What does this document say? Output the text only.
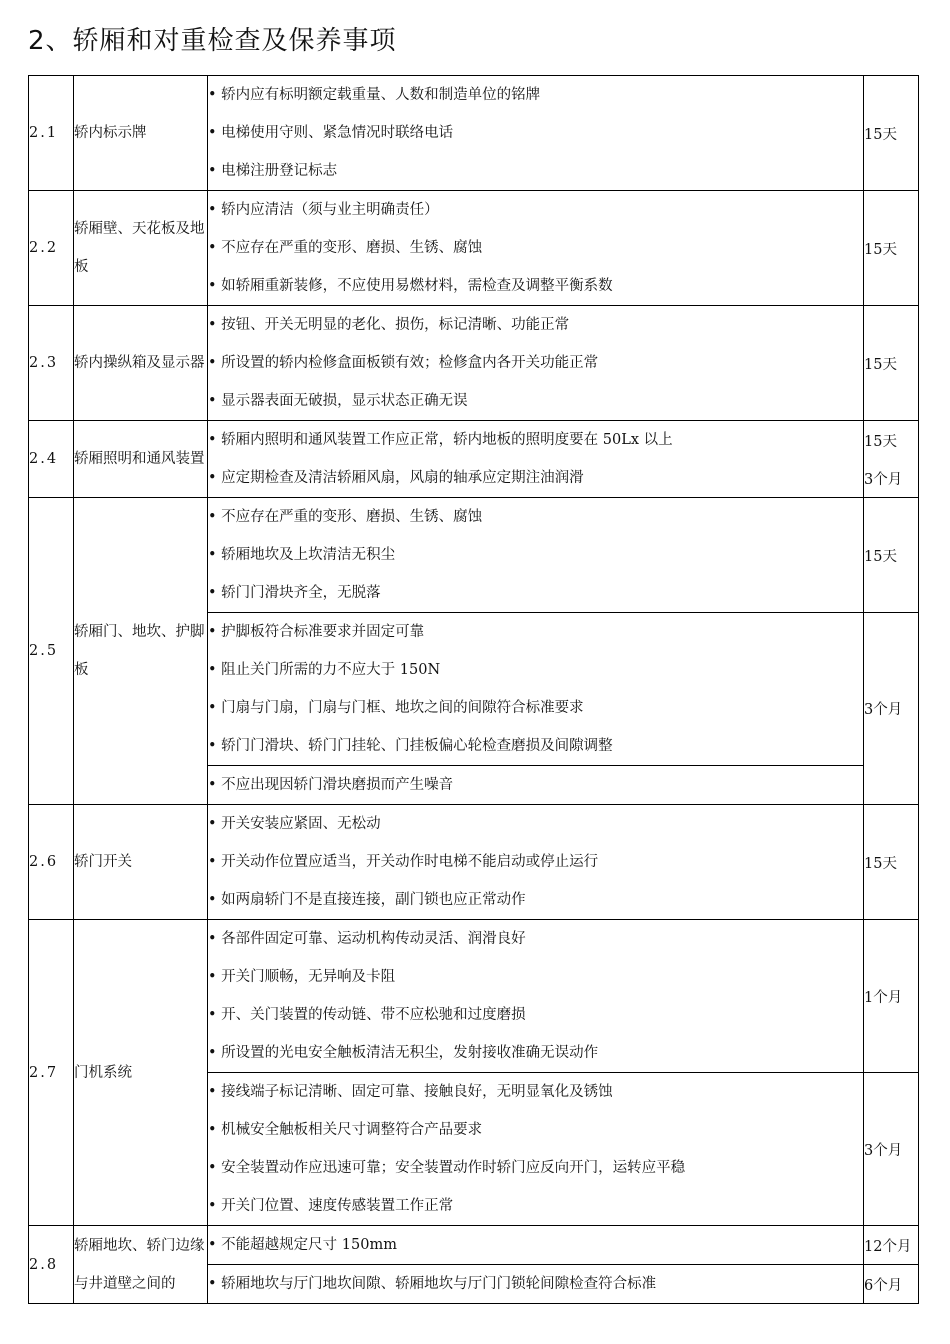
2、轿厢和对重检查及保养事项
2.1	轿内标示牌	• 轿内应有标明额定载重量、人数和制造单位的铭牌
• 电梯使用守则、紧急情况时联络电话
• 电梯注册登记标志	15天
2.2	轿厢壁、天花板及地板	• 轿内应清洁（须与业主明确责任）
• 不应存在严重的变形、磨损、生锈、腐蚀
• 如轿厢重新装修，不应使用易燃材料，需检查及调整平衡系数	15天
2.3	轿内操纵箱及显示器	• 按钮、开关无明显的老化、损伤，标记清晰、功能正常
• 所设置的轿内检修盒面板锁有效；检修盒内各开关功能正常
• 显示器表面无破损，显示状态正确无误	15天
2.4	轿厢照明和通风装置	• 轿厢内照明和通风装置工作应正常，轿内地板的照明度要在 50Lx 以上	15天

		• 应定期检查及清洁轿厢风扇，风扇的轴承应定期注油润滑	3个月
2.5	轿厢门、地坎、护脚板	• 不应存在严重的变形、磨损、生锈、腐蚀
• 轿厢地坎及上坎清洁无积尘
• 轿门门滑块齐全，无脱落	15天

		• 护脚板符合标准要求并固定可靠
• 阻止关门所需的力不应大于 150N
• 门扇与门扇，门扇与门框、地坎之间的间隙符合标准要求
• 轿门门滑块、轿门门挂轮、门挂板偏心轮检查磨损及间隙调整	3个月

		• 不应出现因轿门滑块磨损而产生噪音	

2.6	轿门开关	• 开关安装应紧固、无松动
• 开关动作位置应适当，开关动作时电梯不能启动或停止运行
• 如两扇轿门不是直接连接，副门锁也应正常动作	15天
2.7	门机系统	• 各部件固定可靠、运动机构传动灵活、润滑良好
• 开关门顺畅，无异响及卡阻
• 开、关门装置的传动链、带不应松驰和过度磨损
• 所设置的光电安全触板清洁无积尘，发射接收准确无误动作	1个月

		• 接线端子标记清晰、固定可靠、接触良好，无明显氧化及锈蚀
• 机械安全触板相关尺寸调整符合产品要求
• 安全装置动作应迅速可靠；安全装置动作时轿门应反向开门，运转应平稳
• 开关门位置、速度传感装置工作正常	3个月
2.8	轿厢地坎、轿门边缘与井道壁之间的	• 不能超越规定尺寸 150mm	12个月

		• 轿厢地坎与厅门地坎间隙、轿厢地坎与厅门门锁轮间隙检查符合标准	6个月
